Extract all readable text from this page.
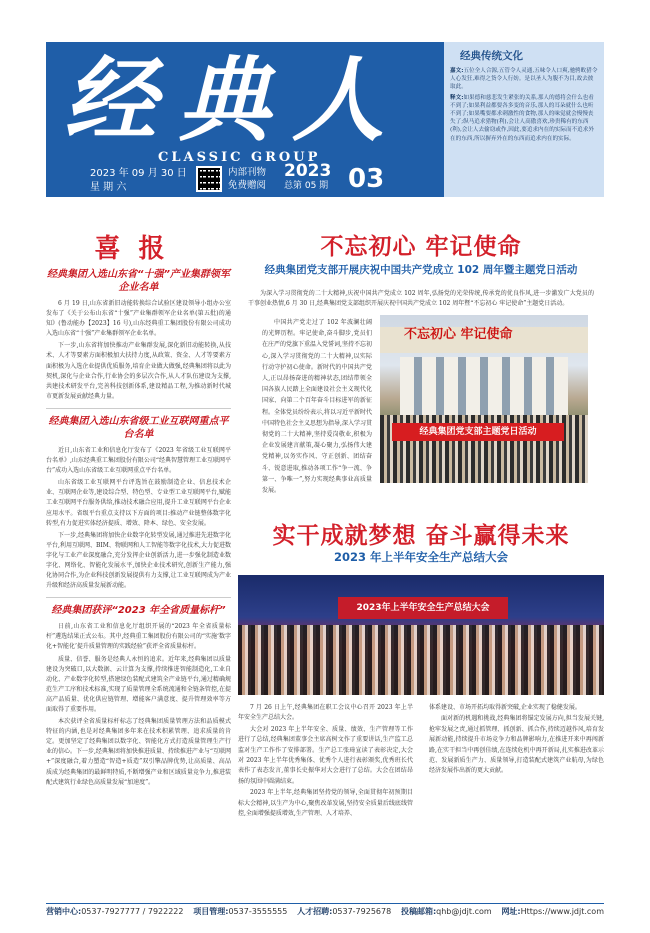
经典人
CLASSIC GROUP
2023 年 09 月 30 日
星 期 六
内部刊物
免费赠阅
2023
总第 05 期 03
经典传统文化

嘉文:五位全人合源,五管令人灵通,五味令人口爽,驰骋畋猎令人心发狂,难得之货令人行妨。是以圣人为腹不为目,故去彼取此。

释文:如果德和慈悲发生紧张的关系,那人的德将会什么也看不到了;如果利益都要各多变的音乐,那人的耳朵就什么也听不到了;如果嘴要都求刺激性的食物,那人的味觉就会慢慢丧失了;纵马追求猎物(利),会让人高傲喜欢,珍贵稀有的东西(利),会让人去偷窃或作,因此,要追求内在的实际而不追求外在的东西,所以摒弃外在的东西而追求内在的实际。

喜报
经典集团入选山东省“十强”产业集群领军企业名单

6 月 19 日,山东省新旧动能转换综合试验区建设领导小组办公室发布了《关于公布山东省“十强”产业集群领军企业名单(第五批)的通知》(鲁动能办【2023】16 号),山东经典重工集团股份有限公司成功入选山东省“十强”产业集群领军企业名单。

下一步,山东省将加快推动产业集群发展,深化新旧动能转换,从技术、人才等要素方面积极加大扶持力度,从政策、资金、人才等要素方面积极为入选企业提供优质服务,培育企业做大做强,经典集团将以此为契机,深化与企业合作,行业协会的多层次合作,从人才队伍建设为支撑,共建技术研发平台,完善科技创新体系,建设精品工程,为推动新时代城市更新发展贡献经典力量。

经典集团入选山东省级工业互联网重点平台名单

近日,山东省工业和信息化厅发布了《2023 年省级工业互联网平台名单》,山东经典重工集团股份有限公司“经典智慧管理工业互联网平台”成功入选山东省级工业互联网重点平台名单。

山东省级工业互联网平台评选旨在鼓励制造企业、信息技术企业、互联网企业等,建设综合型、特色型、专业型工业互联网平台,赋能工业互联网平台服务供给,推动技术融合应用,提升工业互联网平台企业应用水平。省级平台重点支持以下方面的项目:推动产业链整体数字化转型,有力促进实体经济提质、增效、降本、绿色、安全发展。

下一步,经典集团将加快企业数字化转型发展,通过推进先进数字化平台,利用互联网、BIM、物联网和人工智能等数字化技术,大力促进数字化与工业产业深度融合,充分发挥企业创新活力,进一步强化制造业数字化、网络化、智能化发展水平,加快企业技术研究,创新生产能力,强化协同合作,为企业科技创新发展提供有力支撑,让工业互联网成为产业升级和经济高质量发展新动能。

经典集团获评“2023 年全省质量标杆”

日前,山东省工业和信息化厅组织开展的“2023 年全省质量标杆”遴选结果正式公布。其中,经典重工集团股份有限公司的“实施‘数字化+智能化’提升质量管理的实践经验”获评全省质量标杆。

质量、信誉、服务是经典人永恒的追求。近年来,经典集团以质量建设为突破口,以大数据、云计算为支撑,持续推进智能制造化,工业自动化、产业数字化转型,搭建绿色装配式建筑全产业链平台,通过精确规范生产工序和技术标准,实现了质量管理全系统流通和全链条管控,在提高产品质量、优化供应链管理、增能客户满意度、提升管理效率等方面取得了重要作用。

本次获评全省质量标杆标志了经典集团质量管理方法和品质模式特征的内涵,也是对经典集团多年来在技术积累管理、追求质量的肯定。更加坚定了经典集团以数字化、智能化方式打造质量管理生产行业的信心。下一步,经典集团将加快推进质量、持续推进产业与“互联网+”深度融合,着力塑造“智造+质造”双引擎品牌优势,让高质量、高品质成为经典集团的最鲜明特质,不断增强产业和区域质量竞争力,推进装配式建筑行业绿色高质量发展“加速度”。

不忘初心 牢记使命
经典集团党支部开展庆祝中国共产党成立 102 周年暨主题党日活动

为深入学习贯彻党的二十大精神,庆祝中国共产党成立 102 周年,弘扬党的光荣传统,传承党的优良作风,进一步激发广大党员的干事创业热情,6 月 30 日,经典集团党支部组织开展庆祝中国共产党成立 102 周年暨“不忘初心 牢记使命”主题党日活动。

中国共产党走过了 102 年波澜壮阔的光辉历程。牢记使命,奋斗脚步,党员们在庄严的党旗下重温入党誓词,坚持不忘初心,深入学习贯彻党的二十大精神,以实际行动守护初心使命。新时代的中国共产党人,正以昂扬奋进的精神状态,团结带领全国各族人民踏上全面建设社会主义现代化国家、向第二个百年奋斗目标进军的新征程。全体党员纷纷表示,将以习近平新时代中国特色社会主义思想为指导,深入学习贯彻党的二十大精神,坚持爱岗敬业,积极为企业发展建言献策,凝心聚力,弘扬伟大建党精神,以务实作风、守正创新、团结奋斗、锐意进取,推动各项工作“争一流、争第一、争唯一”,努力实现经典事业高质量发展。

不忘初心 牢记使命
经典集团党支部主题党日活动
实干成就梦想 奋斗赢得未来
2023 年上半年安全生产总结大会
2023年上半年安全生产总结大会

7 月 26 日上午,经典集团在职工会议中心召开 2023 年上半年安全生产总结大会。

大会对 2023 年上半年安全、质量、绩效、生产管理等工作进行了总结,经典集团董事会主席高树文作了重要讲话,生产监工总监对生产工作作了安排部署。生产总工张琦宣读了表彰决定,大会对 2023 年上半年优秀集体、优秀个人进行表彰颁奖,优秀班长代表作了表态发言,董事长史振华对大会进行了总结。大会在团结昂扬的氛围中圆满结束。

2023 年上半年,经典集团坚持党的领导,全面贯彻年初预期目标大会精神,以生产为中心,聚焦改革发展,坚持安全质量后线底线管控,全面增强提质增效,生产管理、人才培养、

体系建设、市场开拓均取得新突破,企业实现了稳健发展。

面对新的机遇和挑战,经典集团将锚定发展方向,担当发展关键,抢牢发展之责,通过抓管理、抓创新、抓合作,持续迈越作风,培育发展新动能,持续提升市场竞争力和品牌影响力,在推进开来中再闯新路,在实干担当中再创佳绩,在连续危机中再开新局,扎实推进改革示范、发展新质生产力、质量领导,打造装配式建筑产业航母,为绿色经济发展作出新的更大贡献。

营销中心:0537-7927777 / 7922222 项目管理:0537-3555555 人才招聘:0537-7925678 投稿邮箱:qhb@jdjt.com 网址:Https://www.jdjt.com
